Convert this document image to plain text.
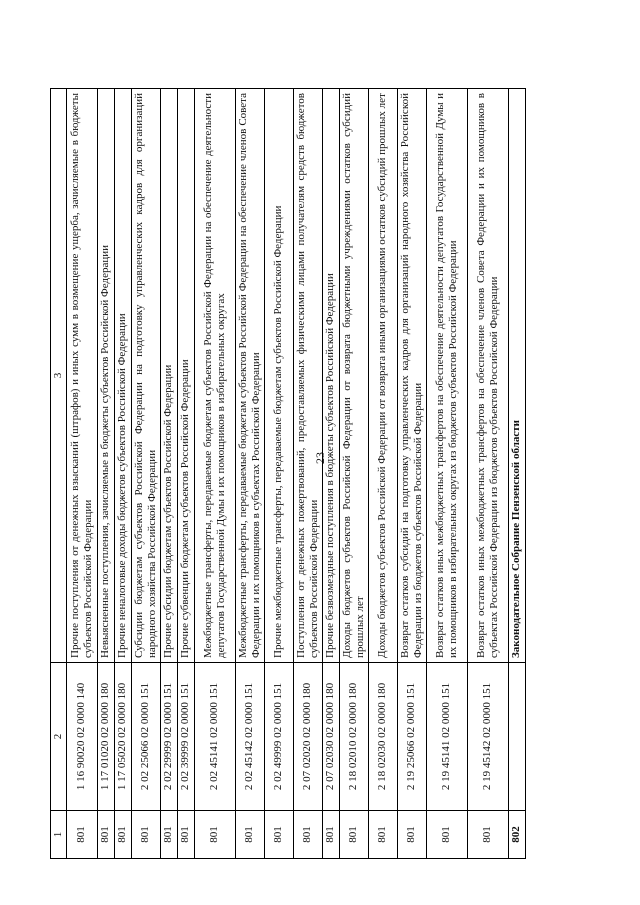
23
1	2	3
801	1 16 90020 02 0000 140	Прочие поступления от денежных взысканий (штрафов) и иных сумм в возмещение ущерба, зачисляемые в бюджеты субъектов Российской Федерации
801	1 17 01020 02 0000 180	Невыясненные поступления, зачисляемые в бюджеты субъектов Российской Федерации
801	1 17 05020 02 0000 180	Прочие неналоговые доходы бюджетов субъектов Российской Федерации
801	2 02 25066 02 0000 151	Субсидии бюджетам субъектов Российской Федерации на подготовку управленческих кадров для организаций народного хозяйства Российской Федерации
801	2 02 29999 02 0000 151	Прочие субсидии бюджетам субъектов Российской Федерации
801	2 02 39999 02 0000 151	Прочие субвенции бюджетам субъектов Российской Федерации
801	2 02 45141 02 0000 151	Межбюджетные трансферты, передаваемые бюджетам субъектов Российской Федерации на обеспечение деятельности депутатов Государственной Думы и их помощников в избирательных округах
801	2 02 45142 02 0000 151	Межбюджетные трансферты, передаваемые бюджетам субъектов Российской Федерации на обеспечение членов Совета Федерации и их помощников в субъектах Российской Федерации
801	2 02 49999 02 0000 151	Прочие межбюджетные трансферты, передаваемые бюджетам субъектов Российской Федерации
801	2 07 02020 02 0000 180	Поступления от денежных пожертвований, предоставляемых физическими лицами получателям средств бюджетов субъектов Российской Федерации
801	2 07 02030 02 0000 180	Прочие безвозмездные поступления в бюджеты субъектов Российской Федерации
801	2 18 02010 02 0000 180	Доходы бюджетов субъектов Российской Федерации от возврата бюджетными учреждениями остатков субсидий прошлых лет
801	2 18 02030 02 0000 180	Доходы бюджетов субъектов Российской Федерации от возврата иными организациями остатков субсидий прошлых лет
801	2 19 25066 02 0000 151	Возврат остатков субсидий на подготовку управленческих кадров для организаций народного хозяйства Российской Федерации из бюджетов субъектов Российской Федерации
801	2 19 45141 02 0000 151	Возврат остатков иных межбюджетных трансфертов на обеспечение деятельности депутатов Государственной Думы и их помощников в избирательных округах из бюджетов субъектов Российской Федерации
801	2 19 45142 02 0000 151	Возврат остатков иных межбюджетных трансфертов на обеспечение членов Совета Федерации и их помощников в субъектах Российской Федерации из бюджетов субъектов Российской Федерации
802		Законодательное Собрание Пензенской области
